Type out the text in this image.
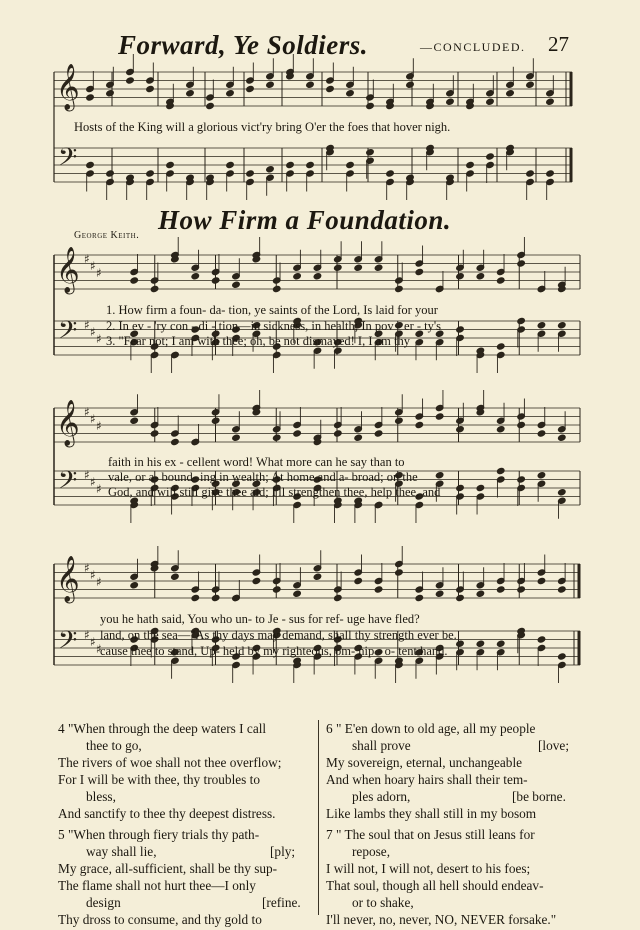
Forward, Ye Soldiers.	—CONCLUDED. 27
𝄞
𝄢
𝄞
𝄢
♯
♯
♯
♯
♯
♯
𝄞
𝄢
♯
♯
♯
♯
♯
♯
𝄞
𝄢
♯
♯
♯
♯
♯
♯
Hosts of the King will a glorious vict'ry bring O'er the foes that hover nigh.
How Firm a Foundation.
George Keith.
1. How firm a foun- da- tion, ye saints of the Lord, Is laid for your
2. In ev - 'ry con - di - tion—in sickness, in health; In pov - er - ty's
3. "Fear not; I am with thee; oh, be not dismayed! I, I am thy
faith in his ex - cellent word! What more can he say than to
vale, or a- bound- ing in wealth; At home and a- broad; on the
God, and will still give thee aid; I'll strengthen thee, help thee, and
you he hath said, You who un- to Je - sus for ref- uge have fled?
land, on the sea—"As thy days may demand, shall thy strength ever be.
cause thee to stand, Up- held by my righteous, om- nip - o- tent hand.
4 "When through the deep waters I call
thee to go,
The rivers of woe shall not thee overflow;
For I will be with thee, thy troubles to
bless,
And sanctify to thee thy deepest distress.
5 "When through fiery trials thy path-
way shall lie,	[ply;
My grace, all-sufficient, shall be thy sup-
The flame shall not hurt thee—I only
design	[refine.
Thy dross to consume, and thy gold to
6 " E'en down to old age, all my people
shall prove	[love;
My sovereign, eternal, unchangeable
And when hoary hairs shall their tem-
ples adorn,	[be borne.
Like lambs they shall still in my bosom
7 " The soul that on Jesus still leans for
repose,
I will not, I will not, desert to his foes;
That soul, though all hell should endeav-
or to shake,
I'll never, no, never, NO, NEVER forsake."
